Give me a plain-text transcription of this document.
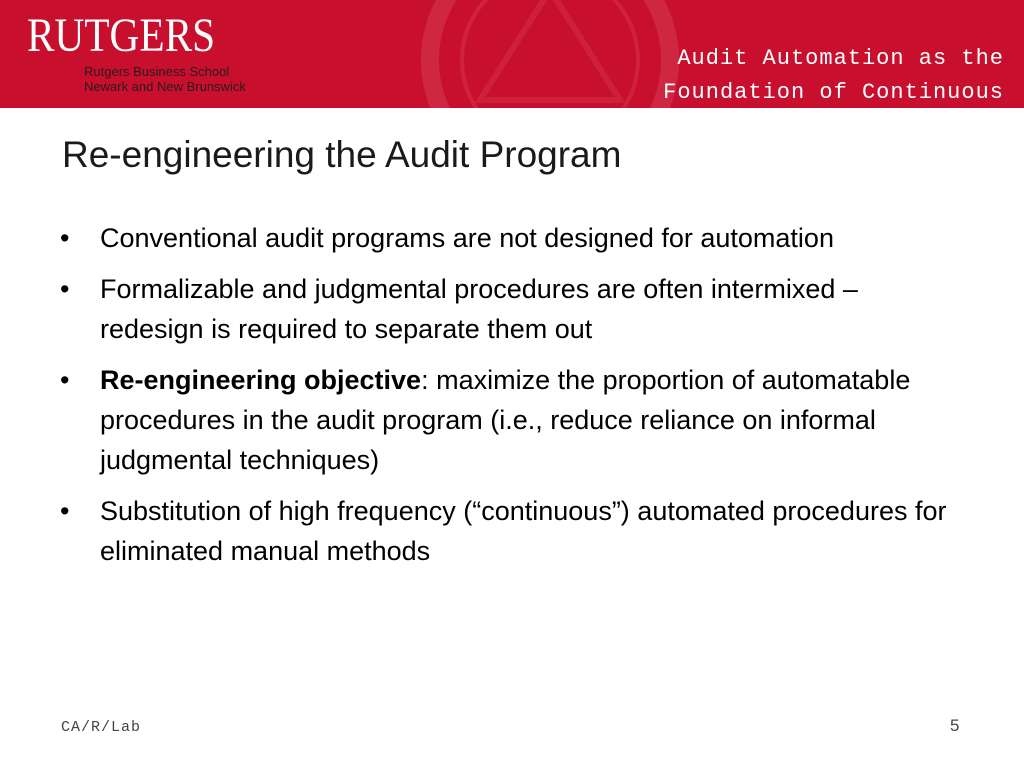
RUTGERS
Rutgers Business School
Newark and New Brunswick
Audit Automation as the
Foundation of Continuous
Re-engineering the Audit Program
• Conventional audit programs are not designed for automation
• Formalizable and judgmental procedures are often intermixed – redesign is required to separate them out
• Re-engineering objective: maximize the proportion of automatable procedures in the audit program (i.e., reduce reliance on informal judgmental techniques)
• Substitution of high frequency (“continuous”) automated procedures for eliminated manual methods
CA/R/Lab	5
